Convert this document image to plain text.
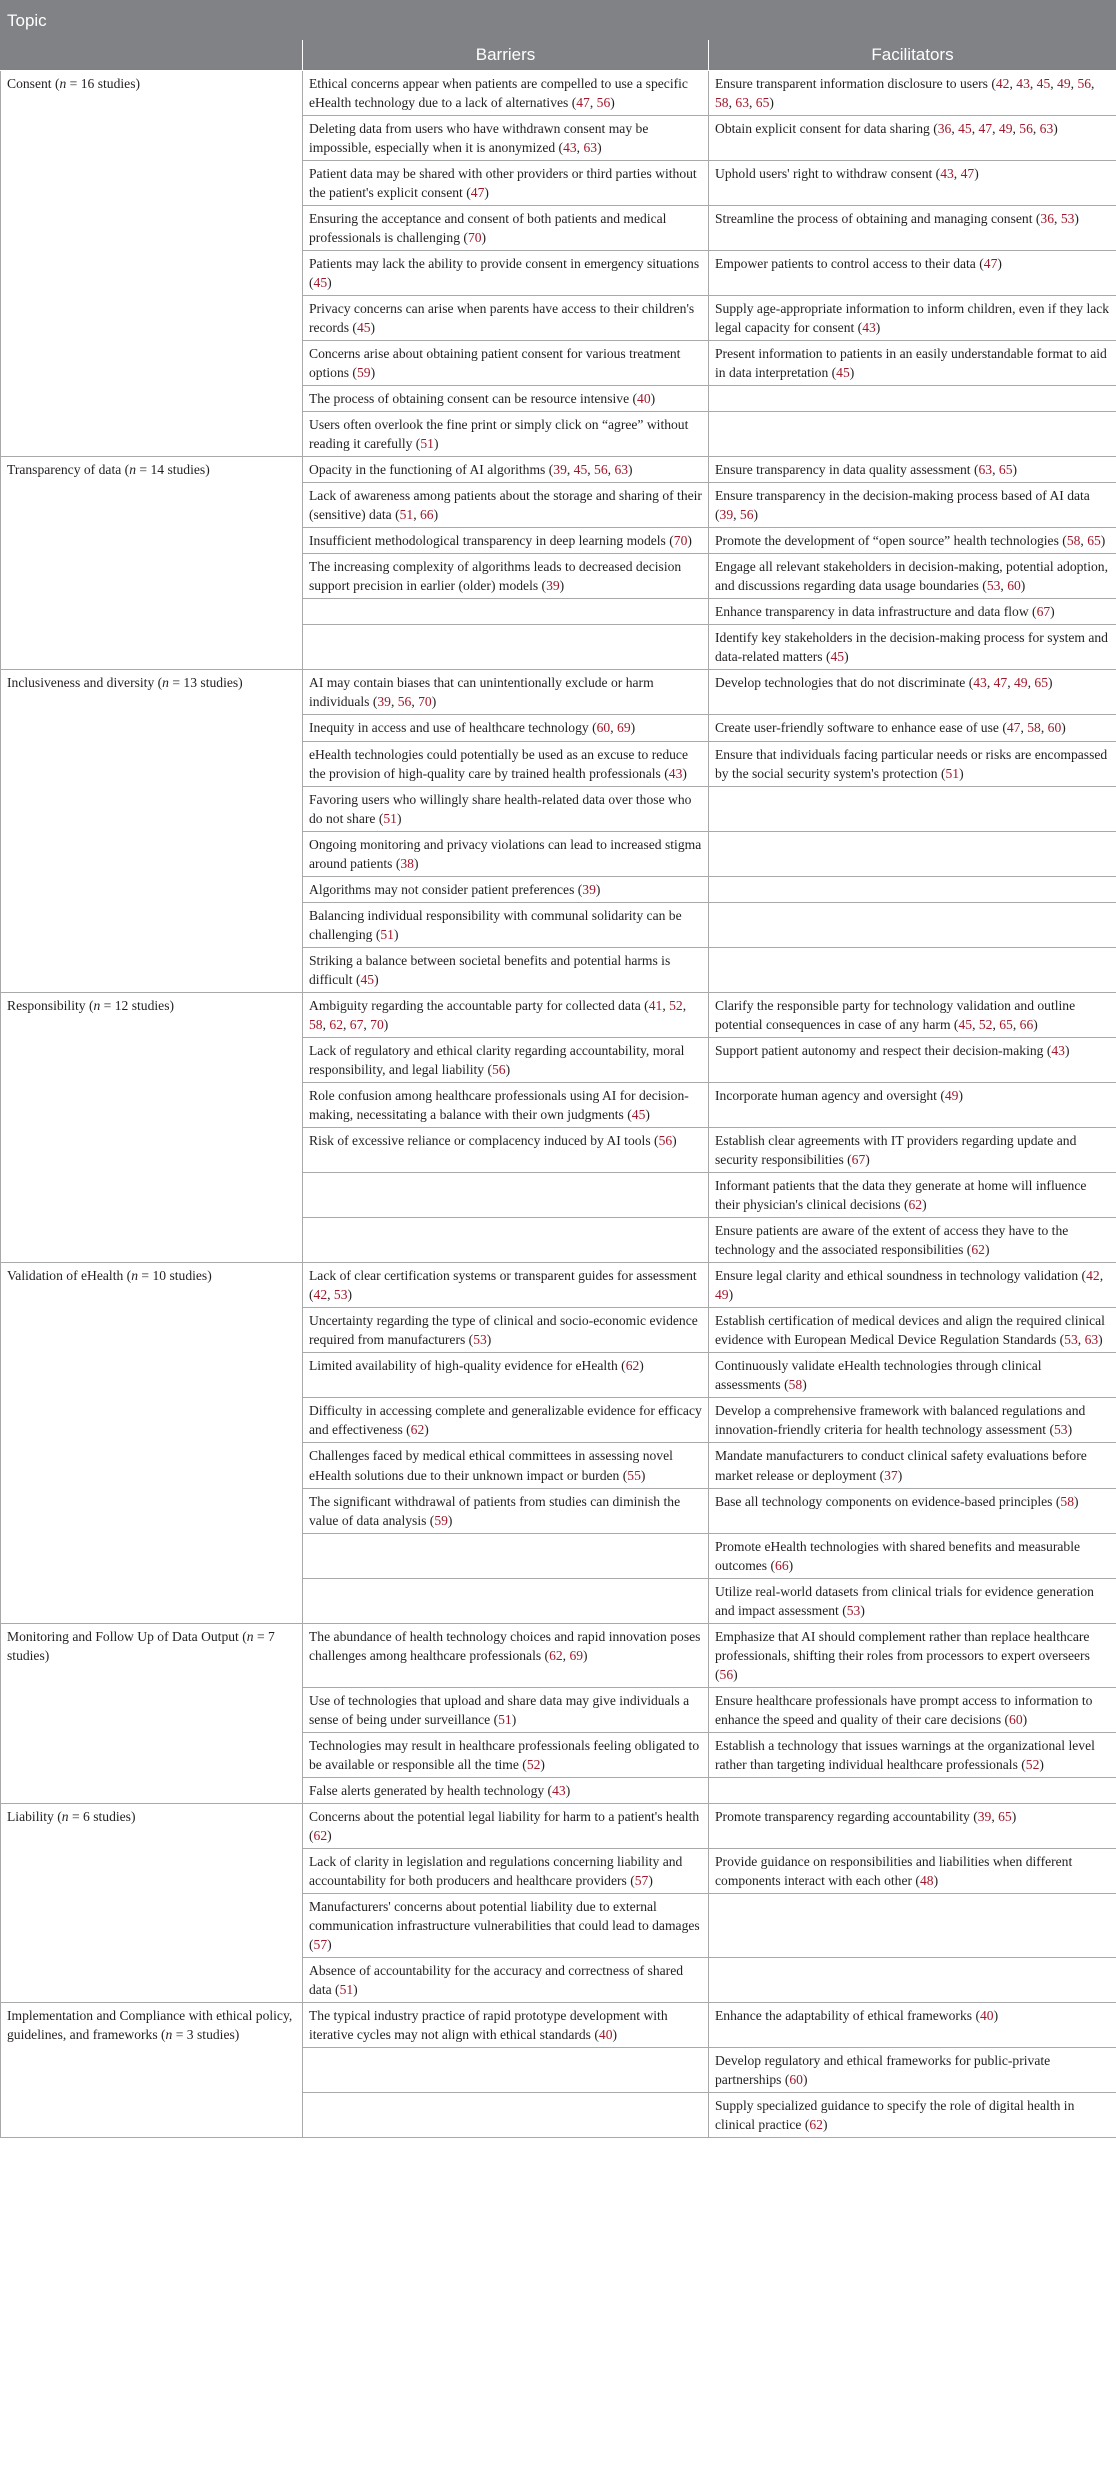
Topic		
	Barriers	Facilitators
Consent (n = 16 studies)	Ethical concerns appear when patients are compelled to use a specific eHealth technology due to a lack of alternatives (47, 56)	Ensure transparent information disclosure to users (42, 43, 45, 49, 56, 58, 63, 65)
	Deleting data from users who have withdrawn consent may be impossible, especially when it is anonymized (43, 63)	Obtain explicit consent for data sharing (36, 45, 47, 49, 56, 63)
	Patient data may be shared with other providers or third parties without the patient's explicit consent (47)	Uphold users' right to withdraw consent (43, 47)
	Ensuring the acceptance and consent of both patients and medical professionals is challenging (70)	Streamline the process of obtaining and managing consent (36, 53)
	Patients may lack the ability to provide consent in emergency situations (45)	Empower patients to control access to their data (47)
	Privacy concerns can arise when parents have access to their children's records (45)	Supply age-appropriate information to inform children, even if they lack legal capacity for consent (43)
	Concerns arise about obtaining patient consent for various treatment options (59)	Present information to patients in an easily understandable format to aid in data interpretation (45)
	The process of obtaining consent can be resource intensive (40)	
	Users often overlook the fine print or simply click on “agree” without reading it carefully (51)	
Transparency of data (n = 14 studies)	Opacity in the functioning of AI algorithms (39, 45, 56, 63)	Ensure transparency in data quality assessment (63, 65)
	Lack of awareness among patients about the storage and sharing of their (sensitive) data (51, 66)	Ensure transparency in the decision-making process based of AI data (39, 56)
	Insufficient methodological transparency in deep learning models (70)	Promote the development of “open source” health technologies (58, 65)
	The increasing complexity of algorithms leads to decreased decision support precision in earlier (older) models (39)	Engage all relevant stakeholders in decision-making, potential adoption, and discussions regarding data usage boundaries (53, 60)
		Enhance transparency in data infrastructure and data flow (67)
		Identify key stakeholders in the decision-making process for system and data-related matters (45)
Inclusiveness and diversity (n = 13 studies)	AI may contain biases that can unintentionally exclude or harm individuals (39, 56, 70)	Develop technologies that do not discriminate (43, 47, 49, 65)
	Inequity in access and use of healthcare technology (60, 69)	Create user-friendly software to enhance ease of use (47, 58, 60)
	eHealth technologies could potentially be used as an excuse to reduce the provision of high-quality care by trained health professionals (43)	Ensure that individuals facing particular needs or risks are encompassed by the social security system's protection (51)
	Favoring users who willingly share health-related data over those who do not share (51)	
	Ongoing monitoring and privacy violations can lead to increased stigma around patients (38)	
	Algorithms may not consider patient preferences (39)	
	Balancing individual responsibility with communal solidarity can be challenging (51)	
	Striking a balance between societal benefits and potential harms is difficult (45)	
Responsibility (n = 12 studies)	Ambiguity regarding the accountable party for collected data (41, 52, 58, 62, 67, 70)	Clarify the responsible party for technology validation and outline potential consequences in case of any harm (45, 52, 65, 66)
	Lack of regulatory and ethical clarity regarding accountability, moral responsibility, and legal liability (56)	Support patient autonomy and respect their decision-making (43)
	Role confusion among healthcare professionals using AI for decision-making, necessitating a balance with their own judgments (45)	Incorporate human agency and oversight (49)
	Risk of excessive reliance or complacency induced by AI tools (56)	Establish clear agreements with IT providers regarding update and security responsibilities (67)
		Informant patients that the data they generate at home will influence their physician's clinical decisions (62)
		Ensure patients are aware of the extent of access they have to the technology and the associated responsibilities (62)
Validation of eHealth (n = 10 studies)	Lack of clear certification systems or transparent guides for assessment (42, 53)	Ensure legal clarity and ethical soundness in technology validation (42, 49)
	Uncertainty regarding the type of clinical and socio-economic evidence required from manufacturers (53)	Establish certification of medical devices and align the required clinical evidence with European Medical Device Regulation Standards (53, 63)
	Limited availability of high-quality evidence for eHealth (62)	Continuously validate eHealth technologies through clinical assessments (58)
	Difficulty in accessing complete and generalizable evidence for efficacy and effectiveness (62)	Develop a comprehensive framework with balanced regulations and innovation-friendly criteria for health technology assessment (53)
	Challenges faced by medical ethical committees in assessing novel eHealth solutions due to their unknown impact or burden (55)	Mandate manufacturers to conduct clinical safety evaluations before market release or deployment (37)
	The significant withdrawal of patients from studies can diminish the value of data analysis (59)	Base all technology components on evidence-based principles (58)
		Promote eHealth technologies with shared benefits and measurable outcomes (66)
		Utilize real-world datasets from clinical trials for evidence generation and impact assessment (53)
Monitoring and Follow Up of Data Output (n = 7 studies)	The abundance of health technology choices and rapid innovation poses challenges among healthcare professionals (62, 69)	Emphasize that AI should complement rather than replace healthcare professionals, shifting their roles from processors to expert overseers (56)
	Use of technologies that upload and share data may give individuals a sense of being under surveillance (51)	Ensure healthcare professionals have prompt access to information to enhance the speed and quality of their care decisions (60)
	Technologies may result in healthcare professionals feeling obligated to be available or responsible all the time (52)	Establish a technology that issues warnings at the organizational level rather than targeting individual healthcare professionals (52)
	False alerts generated by health technology (43)	
Liability (n = 6 studies)	Concerns about the potential legal liability for harm to a patient's health (62)	Promote transparency regarding accountability (39, 65)
	Lack of clarity in legislation and regulations concerning liability and accountability for both producers and healthcare providers (57)	Provide guidance on responsibilities and liabilities when different components interact with each other (48)
	Manufacturers' concerns about potential liability due to external communication infrastructure vulnerabilities that could lead to damages (57)	
	Absence of accountability for the accuracy and correctness of shared data (51)	
Implementation and Compliance with ethical policy, guidelines, and frameworks (n = 3 studies)	The typical industry practice of rapid prototype development with iterative cycles may not align with ethical standards (40)	Enhance the adaptability of ethical frameworks (40)
		Develop regulatory and ethical frameworks for public-private partnerships (60)
		Supply specialized guidance to specify the role of digital health in clinical practice (62)
